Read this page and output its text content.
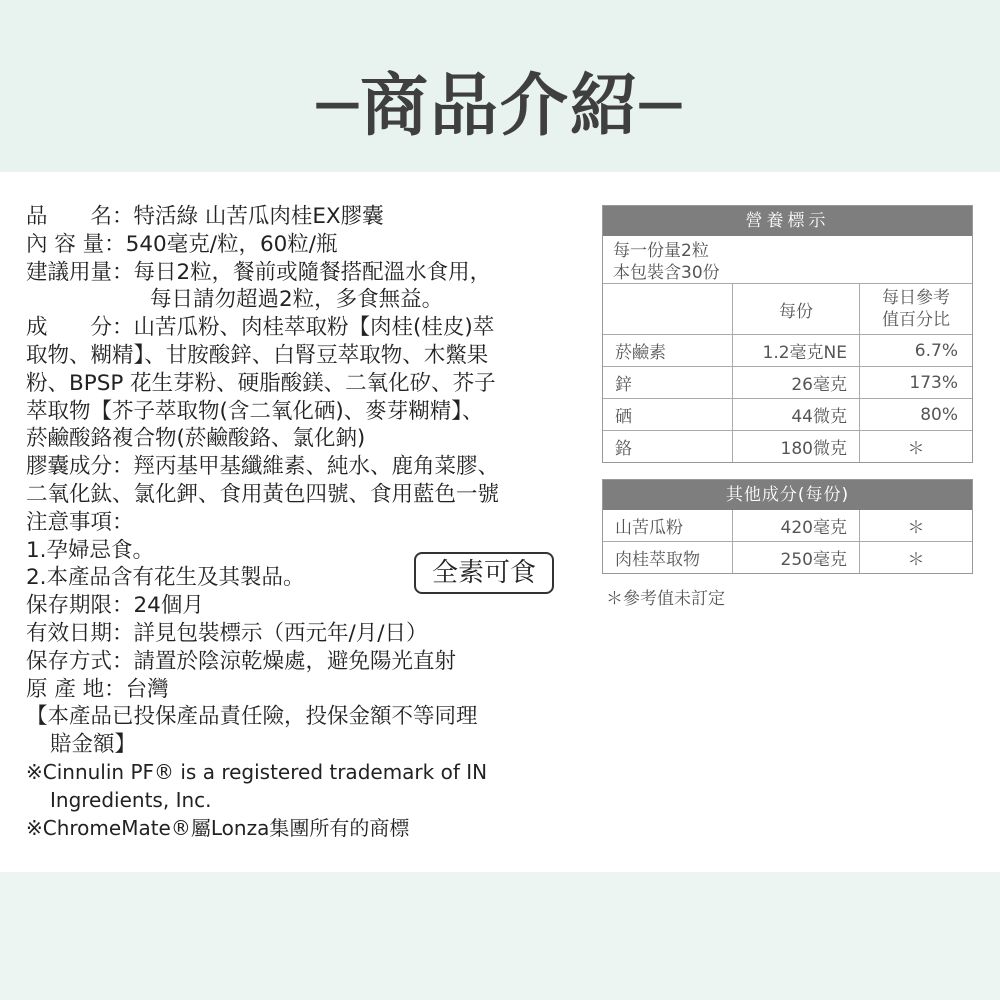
─商品介紹─
品　　名：特活綠 山苦瓜肉桂EX膠囊
內 容 量：540毫克/粒，60粒/瓶
建議用量：每日2粒，餐前或隨餐搭配溫水食用，
每日請勿超過2粒，多食無益。
成　　分：山苦瓜粉、肉桂萃取粉【肉桂(桂皮)萃
取物、糊精】、甘胺酸鋅、白腎豆萃取物、木鱉果
粉、BPSP 花生芽粉、硬脂酸鎂、二氧化矽、芥子
萃取物【芥子萃取物(含二氧化硒)、麥芽糊精】、
菸鹼酸鉻複合物(菸鹼酸鉻、氯化鈉)
膠囊成分：羥丙基甲基纖維素、純水、鹿角菜膠、
二氧化鈦、氯化鉀、食用黃色四號、食用藍色一號
注意事項：
1.孕婦忌食。
2.本產品含有花生及其製品。
保存期限：24個月
有效日期：詳見包裝標示（西元年/月/日）
保存方式：請置於陰涼乾燥處，避免陽光直射
原 產 地：台灣
【本產品已投保產品責任險，投保金額不等同理
賠金額】
※Cinnulin PF® is a registered trademark of IN
Ingredients, Inc.
※ChromeMate®屬Lonza集團所有的商標
全素可食
營養標示
每一份量2粒
本包裝含30份
每份
每日參考
值百分比
菸鹼素	1.2毫克NE	6.7%
鋅	26毫克	173%
硒	44微克	80%
鉻	180微克	＊
其他成分(每份)
山苦瓜粉	420毫克	＊
肉桂萃取物	250毫克	＊
＊參考值未訂定
